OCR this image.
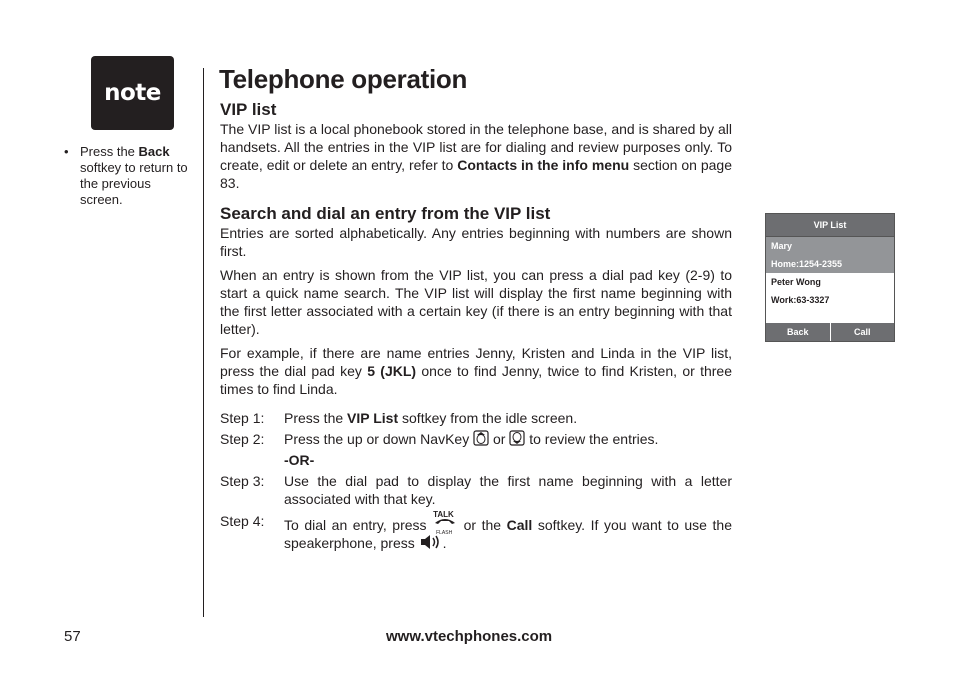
note
• Press the Back softkey to return to the previous screen.
Telephone operation
VIP list

The VIP list is a local phonebook stored in the telephone base, and is shared by all handsets. All the entries in the VIP list are for dialing and review purposes only. To create, edit or delete an entry, refer to Contacts in the info menu section on page 83.

Search and dial an entry from the VIP list

Entries are sorted alphabetically. Any entries beginning with numbers are shown first.

When an entry is shown from the VIP list, you can press a dial pad key (2-9) to start a quick name search. The VIP list will display the first name beginning with the first letter associated with a certain key (if there is an entry beginning with that letter).

For example, if there are name entries Jenny, Kristen and Linda in the VIP list, press the dial pad key 5 (JKL) once to find Jenny, twice to find Kristen, or three times to find Linda.

Step 1: Press the VIP List softkey from the idle screen.
Step 2: Press the up or down NavKey  or  to review the entries.
-OR-
Step 3: Use the dial pad to display the first name beginning with a letter associated with that key.
Step 4: To dial an entry, press
TALK
FLASH or the Call softkey. If you want to use the speakerphone, press .
VIP List
Mary
Home:1254-2355
Peter Wong
Work:63-3327
Back	Call
57	www.vtechphones.com
